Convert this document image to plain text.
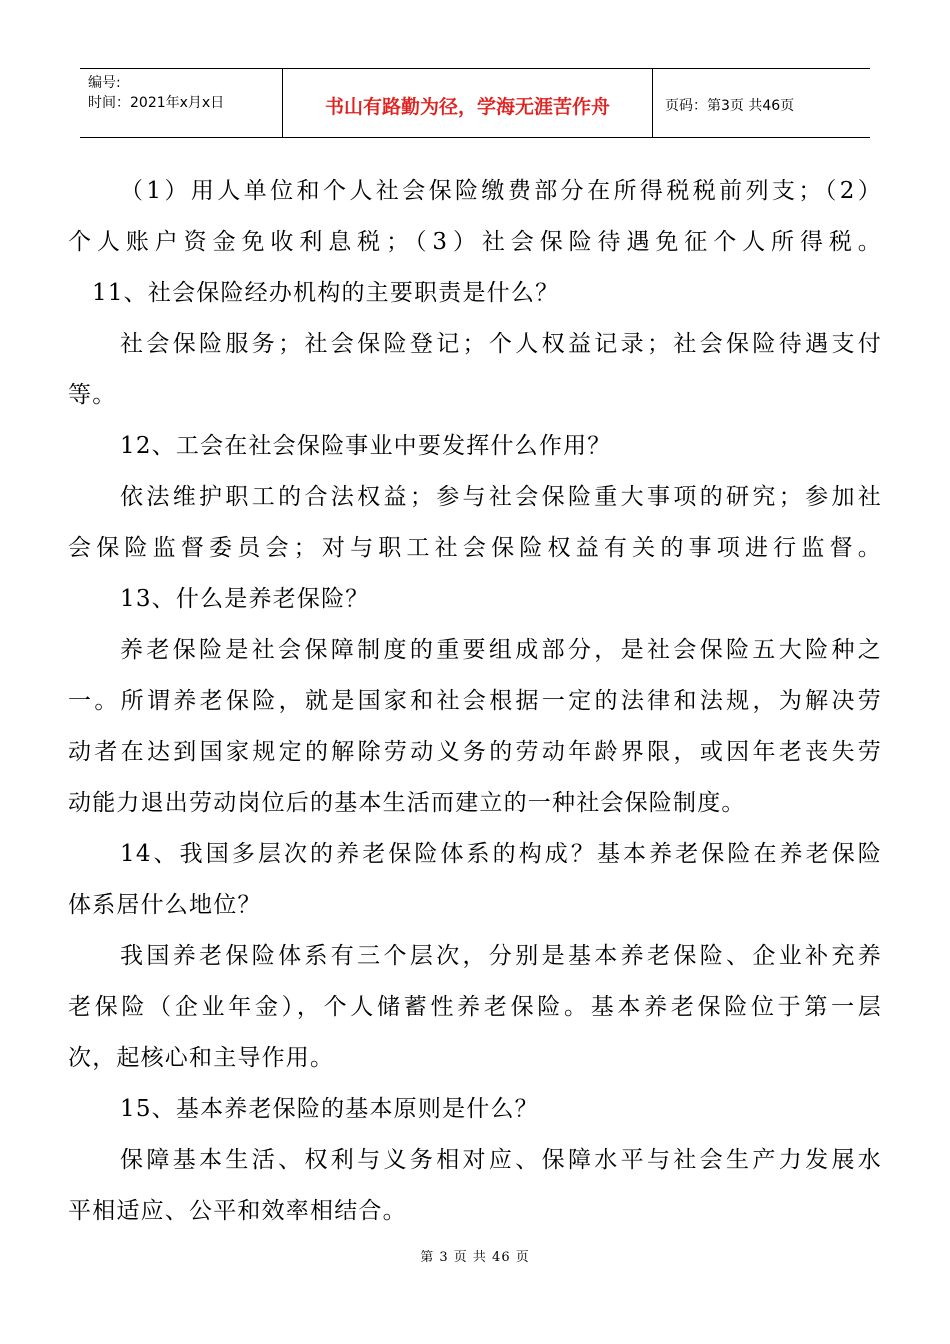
编号:
时间：2021年x月x日	书山有路勤为径，学海无涯苦作舟	页码：第3页 共46页
（1）用人单位和个人社会保险缴费部分在所得税税前列支；（2）
个人账户资金免收利息税；（3）社会保险待遇免征个人所得税。
11、社会保险经办机构的主要职责是什么？
社会保险服务；社会保险登记；个人权益记录；社会保险待遇支付
等。
12、工会在社会保险事业中要发挥什么作用？
依法维护职工的合法权益；参与社会保险重大事项的研究；参加社
会保险监督委员会；对与职工社会保险权益有关的事项进行监督。
13、什么是养老保险？
养老保险是社会保障制度的重要组成部分，是社会保险五大险种之
一。所谓养老保险，就是国家和社会根据一定的法律和法规，为解决劳
动者在达到国家规定的解除劳动义务的劳动年龄界限，或因年老丧失劳
动能力退出劳动岗位后的基本生活而建立的一种社会保险制度。
14、我国多层次的养老保险体系的构成？基本养老保险在养老保险
体系居什么地位？
我国养老保险体系有三个层次，分别是基本养老保险、企业补充养
老保险（企业年金），个人储蓄性养老保险。基本养老保险位于第一层
次，起核心和主导作用。
15、基本养老保险的基本原则是什么？
保障基本生活、权利与义务相对应、保障水平与社会生产力发展水
平相适应、公平和效率相结合。
第 3 页 共 46 页
